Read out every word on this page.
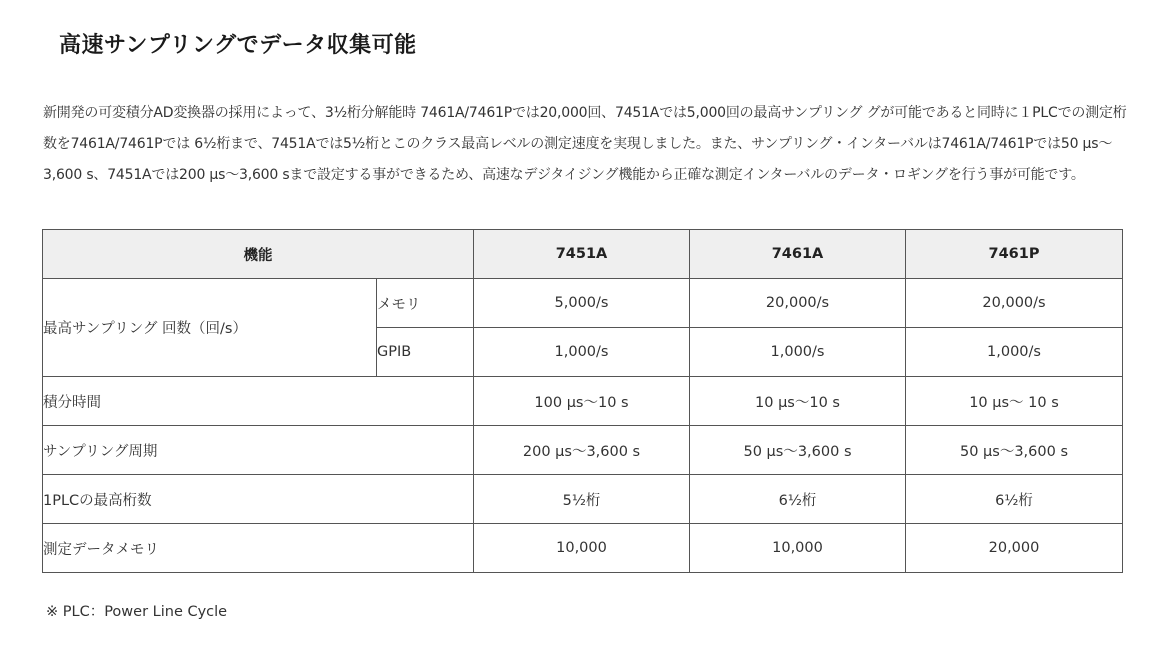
高速サンプリングでデータ収集可能

新開発の可変積分AD変換器の採用によって、3½桁分解能時 7461A/7461Pでは20,000回、7451Aでは5,000回の最高サンプリング グが可能であると同時に１PLCでの測定桁数を7461A/7461Pでは 6½桁まで、7451Aでは5½桁とこのクラス最高レベルの測定速度を実現しました。また、サンプリング・インターバルは7461A/7461Pでは50 μs～3,600 s、7451Aでは200 μs～3,600 sまで設定する事ができるため、高速なデジタイジング機能から正確な測定インターバルのデータ・ロギングを行う事が可能です。

機能		7451A	7461A	7461P
最高サンプリング 回数（回/s）	メモリ	5,000/s	20,000/s	20,000/s
	GPIB	1,000/s	1,000/s	1,000/s
積分時間		100 μs～10 s	10 μs～10 s	10 μs～ 10 s
サンプリング周期		200 μs～3,600 s	50 μs～3,600 s	50 μs～3,600 s
1PLCの最高桁数		5½桁	6½桁	6½桁
測定データメモリ		10,000	10,000	20,000

※ PLC：Power Line Cycle
